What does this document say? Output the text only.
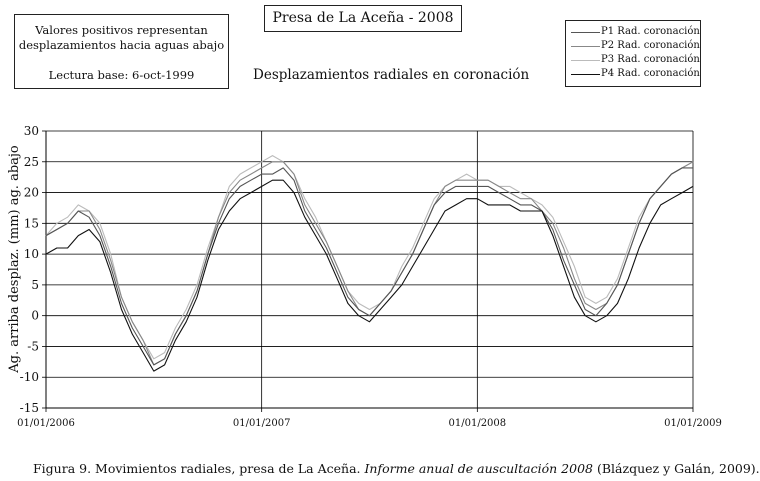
Valores positivos representan
desplazamientos hacia aguas abajo
Lectura base: 6-oct-1999
Presa de La Aceña - 2008
Desplazamientos radiales en coronación
P1 Rad. coronación
P2 Rad. coronación
P3 Rad. coronación
P4 Rad. coronación
30
25
20
15
10
5
0
-5
-10
-15
01/01/2006	01/01/2007	01/01/2008	01/01/2009
Ag. arriba desplaz. (mm) ag. abajo
Figura 9. Movimientos radiales, presa de La Aceña. Informe anual de auscultación 2008 (Blázquez y Galán, 2009).
